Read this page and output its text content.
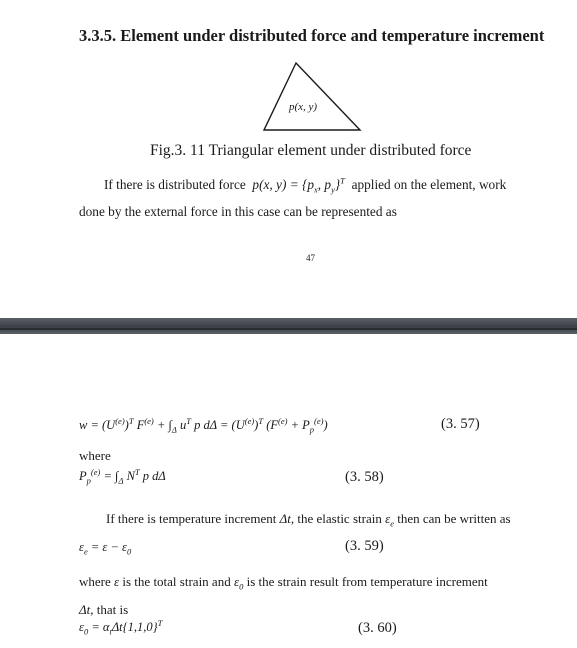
3.3.5. Element under distributed force and temperature increment
p(x, y)
Fig.3. 11 Triangular element under distributed force
If there is distributed force  p(x, $y) = \{p_x$, $p_y\}^T$ applied on the element, work
done by the external force in this case can be represented as
47
$w = (U^{(e)})^T$ $F^{(e)} + \int_\Delta$ $u^T$ p $d\Delta = (U^{(e)})^T$ $(F^{(e)} + P_p^{(e)})$	(3. 57)
where
$P_p^{(e)} = \int_\Delta$ $N^T$ p dΔ	(3. 58)
If there is temperature increment Δt, the elastic strain $\varepsilon_e$ then can be written as
$\varepsilon_e = \varepsilon - \varepsilon_0$	(3. 59)
where ε is the total strain and $\varepsilon_0$ is the strain result from temperature increment
Δt, that is
$\varepsilon_0 = \alpha_t\Delta t\{1,1,0\}^T$	(3. 60)
